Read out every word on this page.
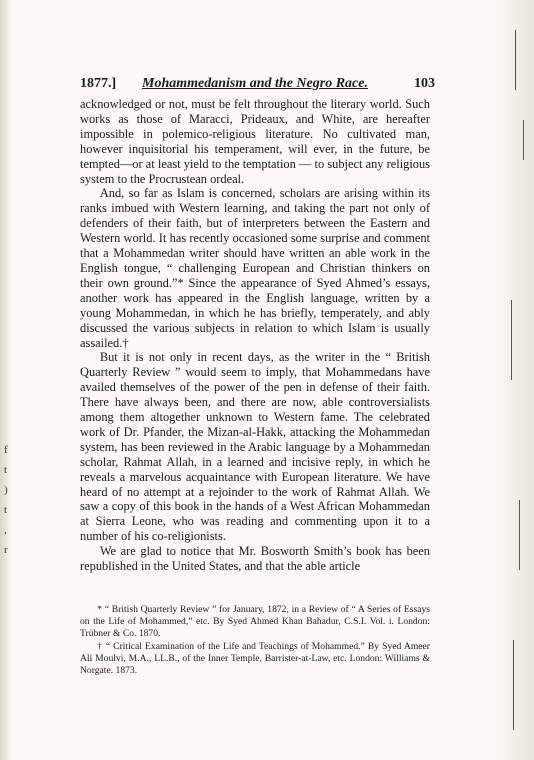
f
t
)
t
,
r
1877.] Mohammedanism and the Negro Race.	103

acknowledged or not, must be felt throughout the literary world. Such works as those of Maracci, Prideaux, and White, are hereafter impossible in polemico-religious literature. No cultivated man, however inquisitorial his temperament, will ever, in the future, be tempted—or at least yield to the temptation — to subject any religious system to the Procrustean ordeal.

And, so far as Islam is concerned, scholars are arising within its ranks imbued with Western learning, and taking the part not only of defenders of their faith, but of interpreters between the Eastern and Western world. It has recently occasioned some surprise and comment that a Mohammedan writer should have written an able work in the English tongue, “ challenging European and Christian thinkers on their own ground.”* Since the appearance of Syed Ahmed’s essays, another work has appeared in the English language, written by a young Mohammedan, in which he has briefly, temperately, and ably discussed the various subjects in relation to which Islam is usually assailed.†

But it is not only in recent days, as the writer in the “ British Quarterly Review ” would seem to imply, that Mohammedans have availed themselves of the power of the pen in defense of their faith. There have always been, and there are now, able controversialists among them altogether unknown to Western fame. The celebrated work of Dr. Pfander, the Mizan-al-Hakk, attacking the Mohammedan system, has been reviewed in the Arabic language by a Mohammedan scholar, Rahmat Allah, in a learned and incisive reply, in which he reveals a marvelous acquaintance with European literature. We have heard of no attempt at a rejoinder to the work of Rahmat Allah. We saw a copy of this book in the hands of a West African Mohammedan at Sierra Leone, who was reading and commenting upon it to a number of his co-religionists.

We are glad to notice that Mr. Bosworth Smith’s book has been republished in the United States, and that the able article

* “ British Quarterly Review ” for January, 1872, in a Review of “ A Series of Essays on the Life of Mohammed,” etc. By Syed Ahmed Khan Bahadur, C.S.I. Vol. i. London: Trübner & Co. 1870.

† “ Critical Examination of the Life and Teachings of Mohammed.” By Syed Ameer Ali Moulvi, M.A., LL.B., of the Inner Temple, Barrister-at-Law, etc. London: Williams & Norgate. 1873.
